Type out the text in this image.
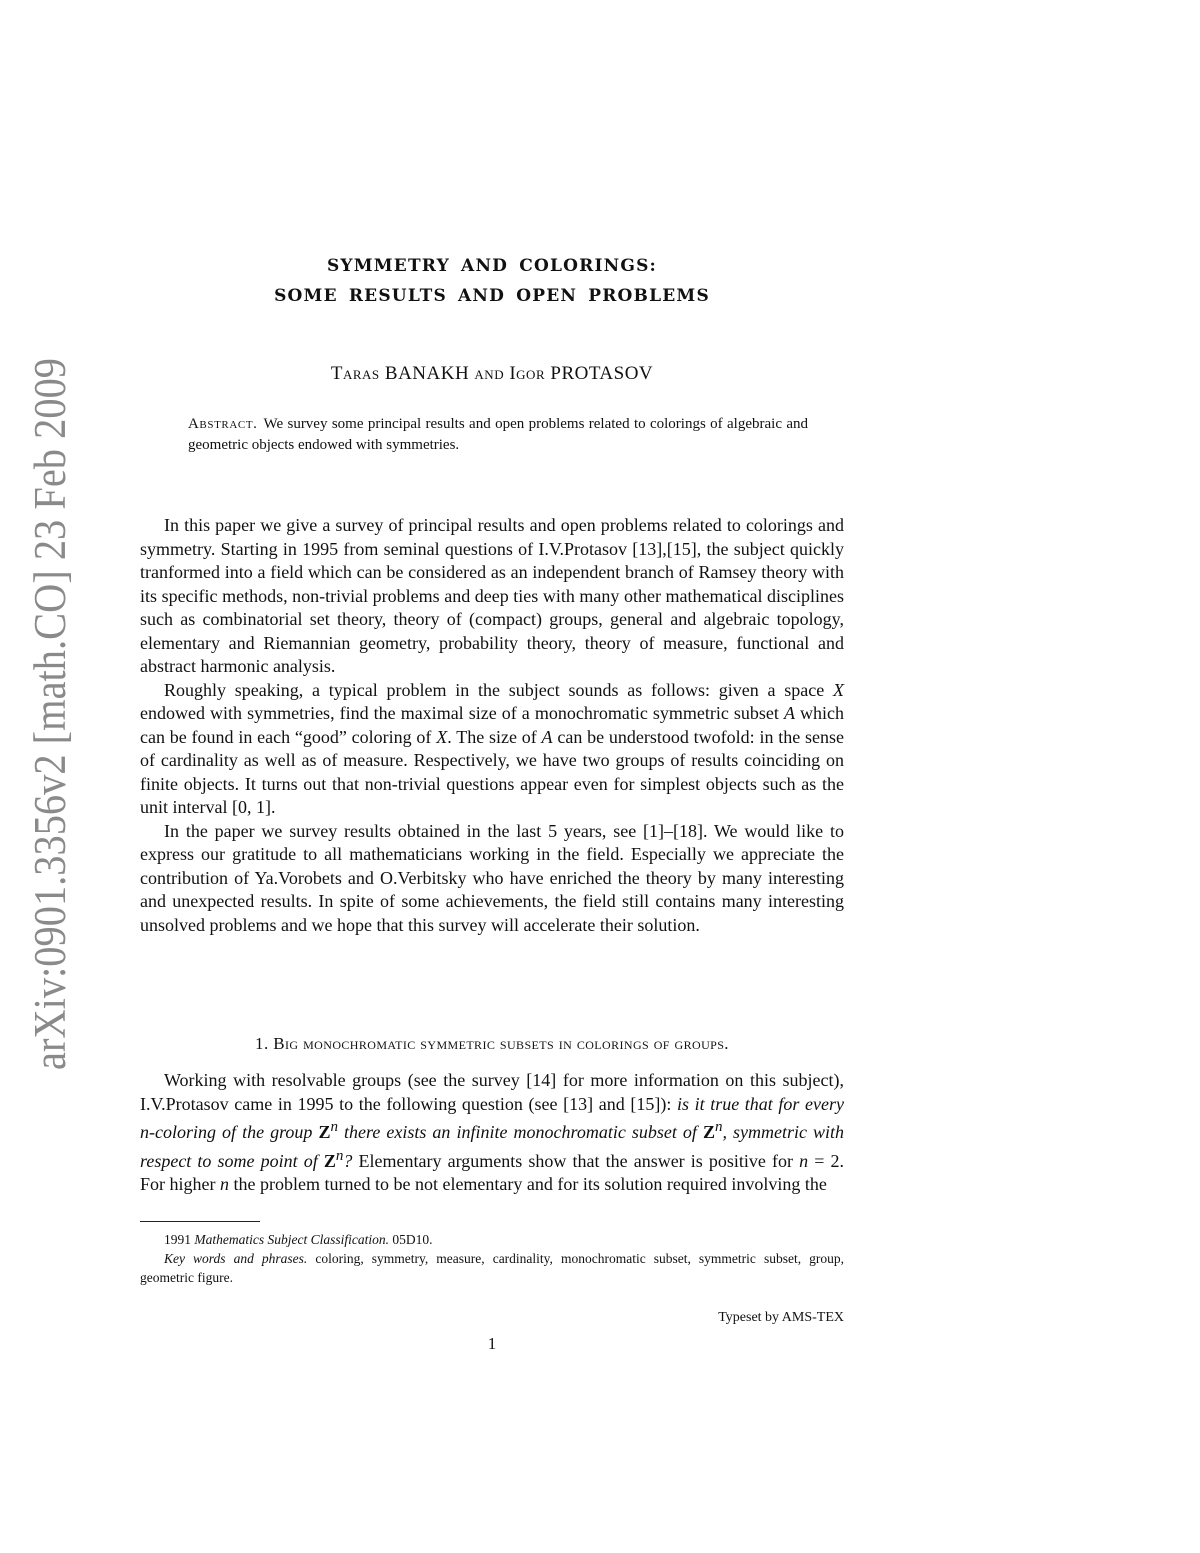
arXiv:0901.3356v2 [math.CO] 23 Feb 2009
SYMMETRY AND COLORINGS:
SOME RESULTS AND OPEN PROBLEMS
Taras BANAKH and Igor PROTASOV
Abstract. We survey some principal results and open problems related to colorings of algebraic and geometric objects endowed with symmetries.

In this paper we give a survey of principal results and open problems related to colorings and symmetry. Starting in 1995 from seminal questions of I.V.Protasov [13],[15], the subject quickly tranformed into a field which can be considered as an independent branch of Ramsey theory with its specific methods, non-trivial problems and deep ties with many other mathematical disciplines such as combinatorial set theory, theory of (compact) groups, general and algebraic topology, elementary and Riemannian geometry, probability theory, theory of measure, functional and abstract harmonic analysis.

Roughly speaking, a typical problem in the subject sounds as follows: given a space X endowed with symmetries, find the maximal size of a monochromatic symmetric subset A which can be found in each “good” coloring of X. The size of A can be understood twofold: in the sense of cardinality as well as of measure. Respectively, we have two groups of results coinciding on finite objects. It turns out that non-trivial questions appear even for simplest objects such as the unit interval [0, 1].

In the paper we survey results obtained in the last 5 years, see [1]–[18]. We would like to express our gratitude to all mathematicians working in the field. Especially we appreciate the contribution of Ya.Vorobets and O.Verbitsky who have enriched the theory by many interesting and unexpected results. In spite of some achievements, the field still contains many interesting unsolved problems and we hope that this survey will accelerate their solution.

1. Big monochromatic symmetric subsets in colorings of groups.

Working with resolvable groups (see the survey [14] for more information on this subject), I.V.Protasov came in 1995 to the following question (see [13] and [15]): is it true that for every n-coloring of the group $Z^n$ there exists an infinite monochromatic subset of $Z^n$, symmetric with respect to some point of $Z^n$? Elementary arguments show that the answer is positive for n = 2. For higher n the problem turned to be not elementary and for its solution required involving the

1991 Mathematics Subject Classification. 05D10.

Key words and phrases. coloring, symmetry, measure, cardinality, monochromatic subset, symmetric subset, group, geometric figure.

Typeset by AMS-TEX
1
